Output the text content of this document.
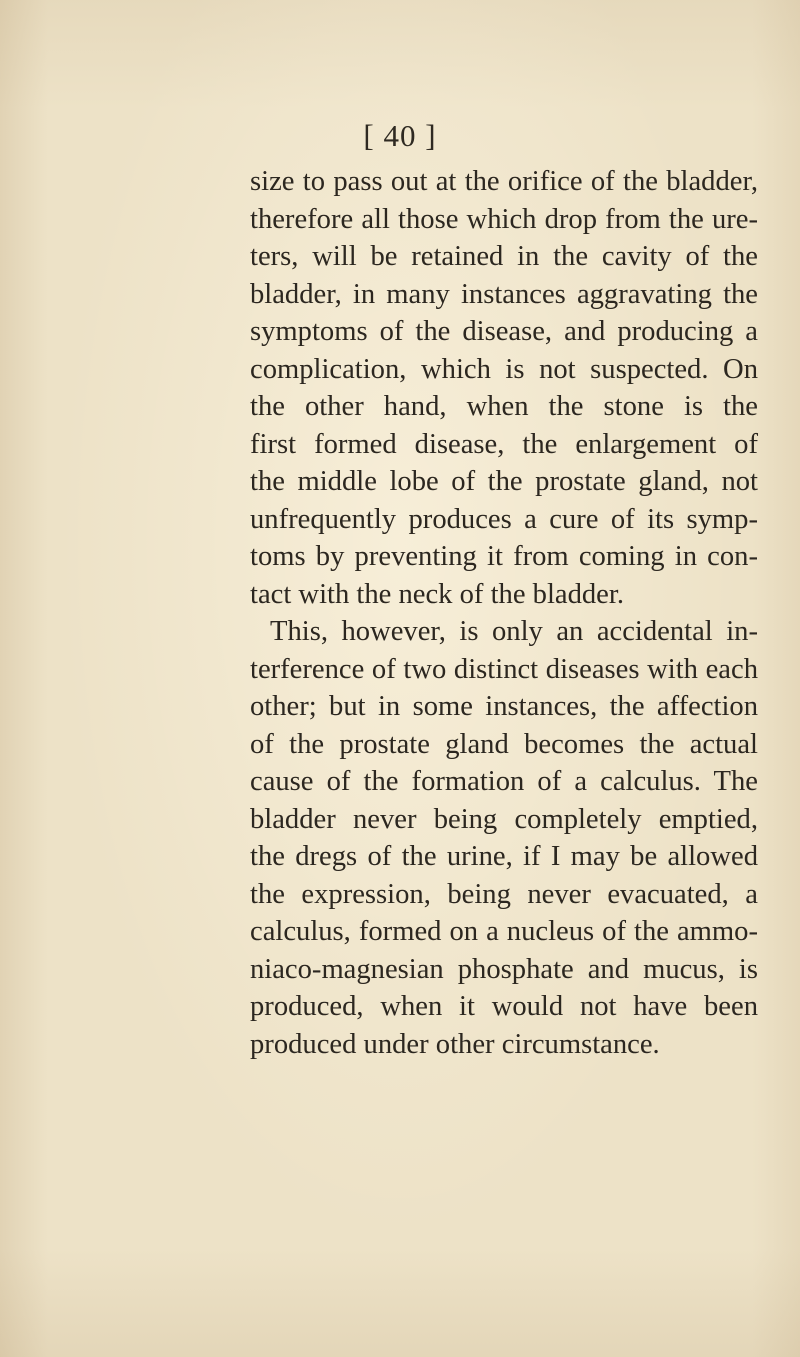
[ 40 ]
size to pass out at the orifice of the bladder,
therefore all those which drop from the ure-
ters, will be retained in the cavity of the
bladder, in many instances aggravating the
symptoms of the disease, and producing a
complication, which is not suspected. On
the other hand, when the stone is the
first formed disease, the enlargement of
the middle lobe of the prostate gland, not
unfrequently produces a cure of its symp-
toms by preventing it from coming in con-
tact with the neck of the bladder.
This, however, is only an accidental in-
terference of two distinct diseases with each
other; but in some instances, the affection
of the prostate gland becomes the actual
cause of the formation of a calculus. The
bladder never being completely emptied,
the dregs of the urine, if I may be allowed
the expression, being never evacuated, a
calculus, formed on a nucleus of the ammo-
niaco-magnesian phosphate and mucus, is
produced, when it would not have been
produced under other circumstance.
